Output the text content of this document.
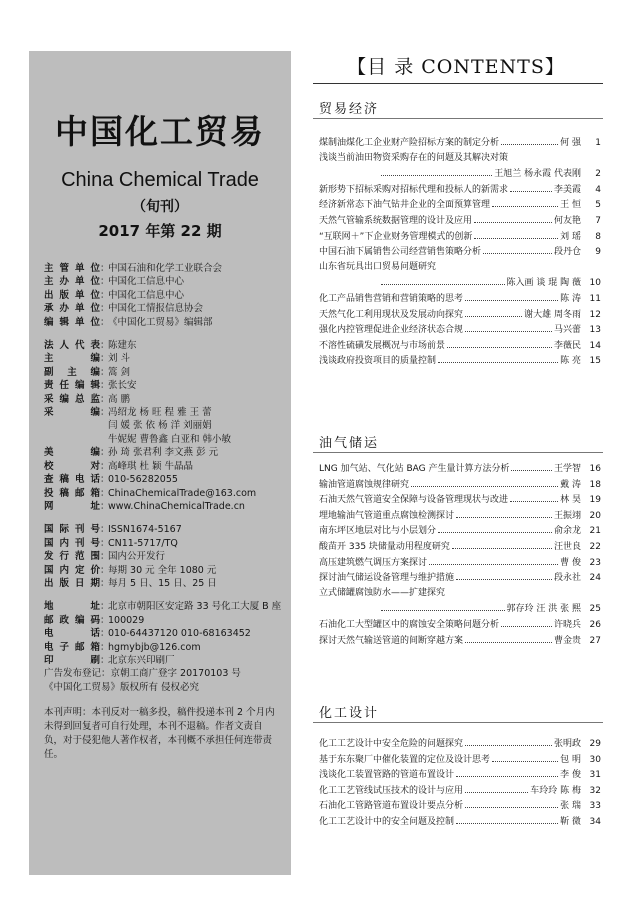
中国化工贸易
China Chemical Trade
（旬刊）
2017 年第 22 期
主管单位 ：
中国石油和化学工业联合会
主办单位 ：
中国化工信息中心
出版单位 ：
中国化工信息中心
承办单位 ：
中国化工情报信息协会
编辑单位 ：
《中国化工贸易》编辑部
法人代表 ：
陈建东
主编 ：
刘 斗
副主编 ：
篙 剑
责任编辑 ：
张长安
采编总监 ：
高 鹏
采编 ：
冯绍龙 杨 旺 程 雅 王 蕾
闫 媛 张 依 杨 洋 刘丽娟
牛妮妮 曹鲁鑫 白亚和 韩小敏
美编 ：
孙 琦 张君利 李文燕 彭 元
校对 ：
高峰琪 杜 颖 牛晶晶
查稿电话 ：
010-56282055
投稿邮箱 ：
ChinaChemicalTrade@163.com
网址 ：
www.ChinaChemicalTrade.cn
国际刊号 ：
ISSN1674-5167
国内刊号 ：
CN11-5717/TQ
发行范围 ：
国内公开发行
国内定价 ：
每期 30 元 全年 1080 元
出版日期 ：
每月 5 日、15 日、25 日
地址 ：
北京市朝阳区安定路 33 号化工大厦 B 座
邮政编码 ：
100029
电话 ：
010-64437120 010-68163452
电子邮箱 ：
hgmybjb@126.com
印刷 ：
北京东兴印刷厂
广告发布登记：京朝工商广登字 20170103 号
《中国化工贸易》版权所有 侵权必究
本刊声明：本刊反对一稿多投，稿件投递本刊 2 个月内未得到回复者可自行处理，本刊不退稿。作者文责自负，对于侵犯他人著作权者，本刊概不承担任何连带责任。
【目 录 CONTENTS】
贸易经济
煤制油煤化工企业财产险招标方案的制定分析	何 强	1
浅谈当前油田物资采购存在的问题及其解决对策
王旭兰 杨永霞 代表刚	2
新形势下招标采购对招标代理和投标人的新需求	李美霞	4
经济新常态下油气钻井企业的全面预算管理	王 恒	5
天然气管输系统数据管理的设计及应用	何友艳	7
“互联网＋”下企业财务管理模式的创新	刘 瑶	8
中国石油下属销售公司经营销售策略分析	段丹仓	9
山东省玩具出口贸易问题研究
陈入画 谈 琨 陶 薇 10
化工产品销售营销和营销策略的思考	陈 涛 11
天然气化工利用现状及发展动向探究	谢大雄 周冬雨 12
强化内控管理促进企业经济状态合规	马兴蕾 13
不溶性硫磺发展概况与市场前景	李薇民 14
浅谈政府投资项目的质量控制	陈 亮 15
油气储运
LNG 加气站、气化站 BAG 产生量计算方法分析	王学智 16
输油管道腐蚀规律研究	戴 涛 18
石油天然气管道安全保障与设备管理现状与改进	林 昊 19
埋地输油气管道重点腐蚀检测探讨	王振翊 20
南东坪区地层对比与小层划分	俞余龙 21
酸苗开 335 块储量动用程度研究	汪世良 22
高压建筑燃气调压方案探讨	曹 俊 23
探讨油气储运设备管理与维护措施	段永社 24
立式储罐腐蚀防水——扩建探究
郭存玲 汪 洪 张 熙 25
石油化工大型罐区中的腐蚀安全策略问题分析	许晓兵 26
探讨天然气输送管道的间断穿越方案	曹金贵 27
化工设计
化工工艺设计中安全危险的问题探究	张明政 29
基于东东聚厂中催化装置的定位及设计思考	包 明 30
浅谈化工装置管路的管道布置设计	李 俊 31
化工工艺管线试压技术的设计与应用	车玲玲 陈 梅 32
石油化工管路管道布置设计要点分析	张 瑞 33
化工工艺设计中的安全问题及控制	靳 微 34
